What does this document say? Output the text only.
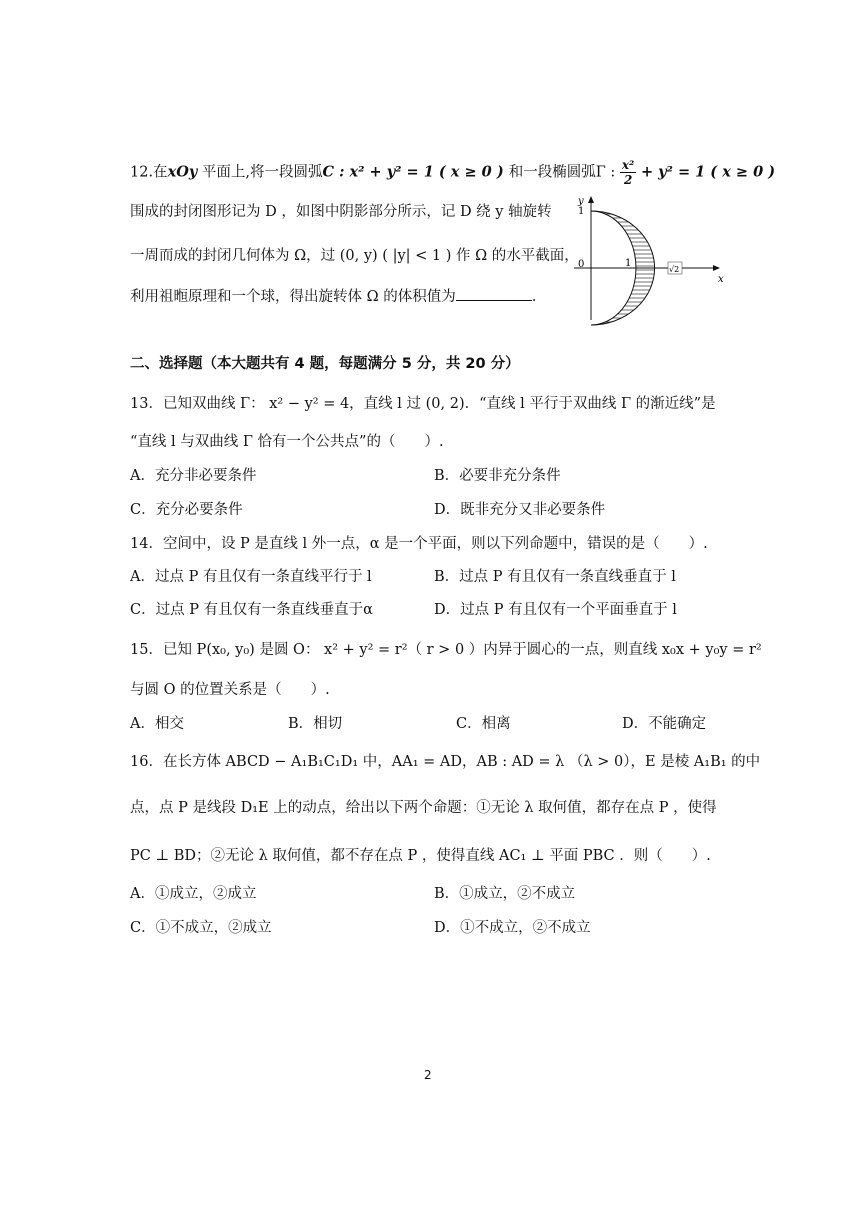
12.在xOy 平面上,将一段圆弧C : x² + y² = 1 ( x ≥ 0 ) 和一段椭圆弧Γ : $\frac{\text{x²}}{2} + y^2 = 1$ ( x ≥ 0 )
围成的封闭图形记为 D ，如图中阴影部分所示，记 D 绕 y 轴旋转
一周而成的封闭几何体为 Ω，过 (0, y) ( |y| < 1 ) 作 Ω 的水平截面，
利用祖暅原理和一个球，得出旋转体 Ω 的体积值为	.
y
x
1
0	1
√2
二、选择题（本大题共有 4 题，每题满分 5 分，共 20 分）
13．已知双曲线 Γ： x² − y² = 4，直线 l 过 (0, 2)．“直线 l 平行于双曲线 Γ 的渐近线”是
“直线 l 与双曲线 Γ 恰有一个公共点”的（　　）.
A．充分非必要条件	B．必要非充分条件
C．充分必要条件	D．既非充分又非必要条件
14．空间中，设 P 是直线 l 外一点，α 是一个平面，则以下列命题中，错误的是（　　）.
A．过点 P 有且仅有一条直线平行于 l	B．过点 P 有且仅有一条直线垂直于 l
C．过点 P 有且仅有一条直线垂直于α	D．过点 P 有且仅有一个平面垂直于 l
15．已知 P(x₀, y₀) 是圆 O： x² + y² = r²（ r > 0 ）内异于圆心的一点，则直线 x₀x + y₀y = r²
与圆 O 的位置关系是（　　）.
A．相交	B．相切	C．相离	D．不能确定
16．在长方体 ABCD − A₁B₁C₁D₁ 中，AA₁ = AD，AB : AD = λ （λ > 0），E 是棱 A₁B₁ 的中
点，点 P 是线段 D₁E 上的动点，给出以下两个命题：①无论 λ 取何值，都存在点 P ，使得
PC ⊥ BD；②无论 λ 取何值，都不存在点 P ，使得直线 AC₁ ⊥ 平面 PBC ．则（　　）.
A．①成立，②成立	B．①成立，②不成立
C．①不成立，②成立	D．①不成立，②不成立
2
